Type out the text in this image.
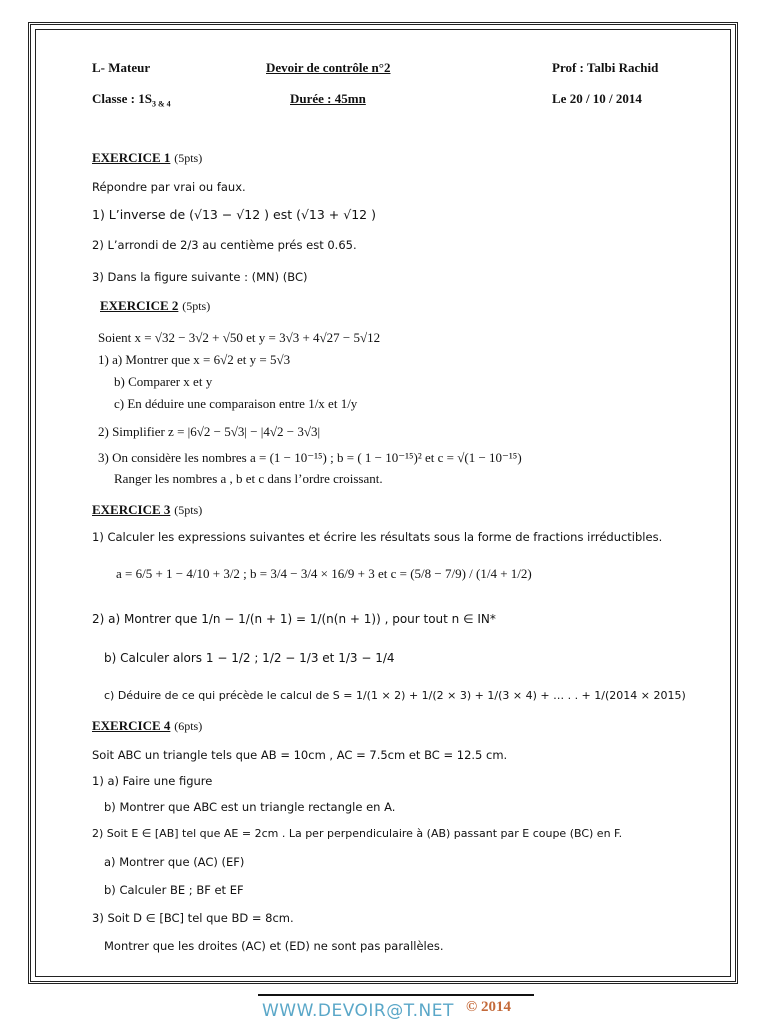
L- Mateur	Devoir de contrôle n°2	Prof : Talbi Rachid
Classe : $1S_{3 \& 4}$	Durée : 45mn	Le 20 / 10 / 2014
EXERCICE 1 (5pts)
Répondre par vrai ou faux.
1) L’inverse de (√13 − √12 ) est (√13 + √12 )
2) L’arrondi de 2/3 au centième prés est 0.65.
3) Dans la figure suivante : (MN) (BC)
EXERCICE 2 (5pts)
Soient x = √32 − 3√2 + √50 et y = 3√3 + 4√27 − 5√12
1) a) Montrer que x = 6√2 et y = 5√3
b) Comparer x et y
c) En déduire une comparaison entre 1/x et 1/y
2) Simplifier z = |6√2 − 5√3| − |4√2 − 3√3|
3) On considère les nombres a = (1 − 10⁻¹⁵) ; b = ( 1 − 10⁻¹⁵)² et c = √(1 − 10⁻¹⁵)
Ranger les nombres a , b et c dans l’ordre croissant.
EXERCICE 3 (5pts)
1) Calculer les expressions suivantes et écrire les résultats sous la forme de fractions irréductibles.
a = 6/5 + 1 − 4/10 + 3/2 ; b = 3/4 − 3/4 × 16/9 + 3 et c = (5/8 − 7/9) / (1/4 + 1/2)
2) a) Montrer que 1/n − 1/(n + 1) = 1/(n(n + 1)) , pour tout n ∈ IN*
b) Calculer alors 1 − 1/2 ; 1/2 − 1/3 et 1/3 − 1/4
c) Déduire de ce qui précède le calcul de S = 1/(1 × 2) + 1/(2 × 3) + 1/(3 × 4) + … . . + 1/(2014 × 2015)
EXERCICE 4 (6pts)
Soit ABC un triangle tels que AB = 10cm , AC = 7.5cm et BC = 12.5 cm.
1) a) Faire une figure
b) Montrer que ABC est un triangle rectangle en A.
2) Soit E ∈ [AB] tel que AE = 2cm . La per perpendiculaire à (AB) passant par E coupe (BC) en F.
a) Montrer que (AC) (EF)
b) Calculer BE ; BF et EF
3) Soit D ∈ [BC] tel que BD = 8cm.
Montrer que les droites (AC) et (ED) ne sont pas parallèles.
WWW.DEVOIR@T.NET © 2014
